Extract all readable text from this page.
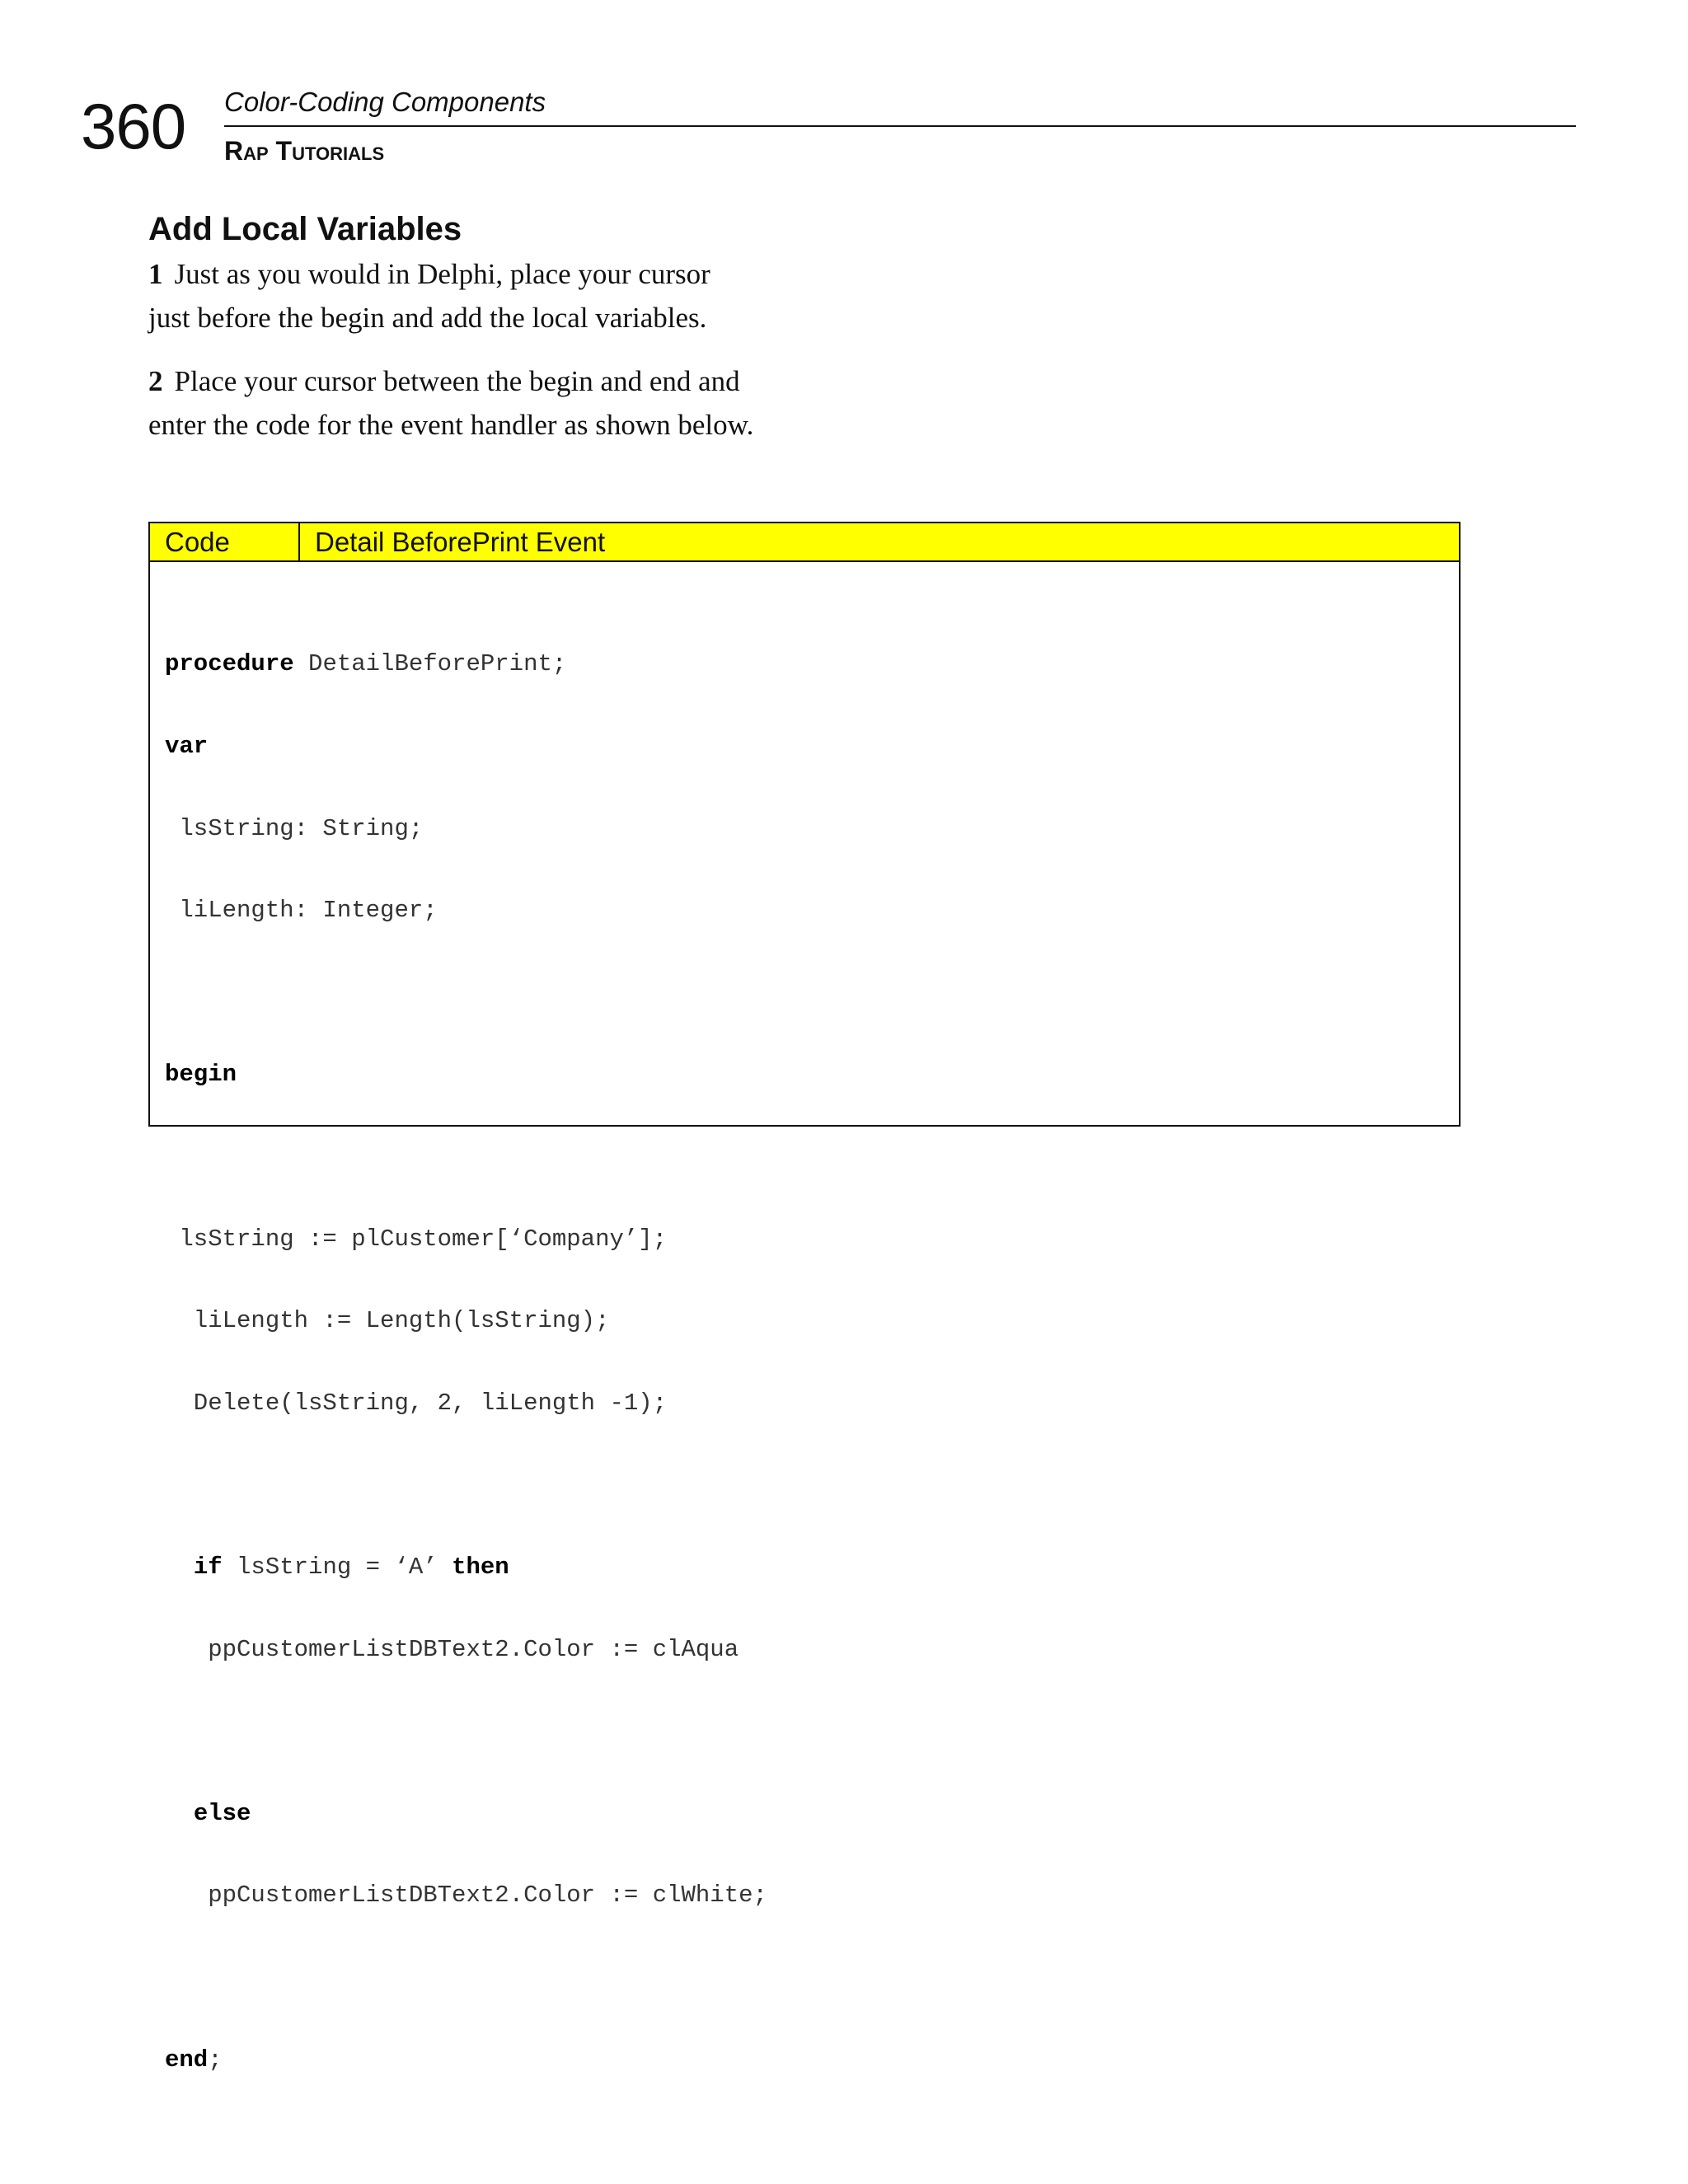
360 Color-Coding Components
Rap Tutorials
Add Local Variables
1 Just as you would in Delphi, place your cursor just before the begin and add the local variables.
2 Place your cursor between the begin and end and enter the code for the event handler as shown below.
Code	Detail BeforePrint Event

procedure DetailBeforePrint;

var

lsString: String;

liLength: Integer;

begin

lsString := plCustomer[‘Company’];

liLength := Length(lsString);

Delete(lsString, 2, liLength -1);

if lsString = ‘A’ then

ppCustomerListDBText2.Color := clAqua

else

ppCustomerListDBText2.Color := clWhite;

end;
